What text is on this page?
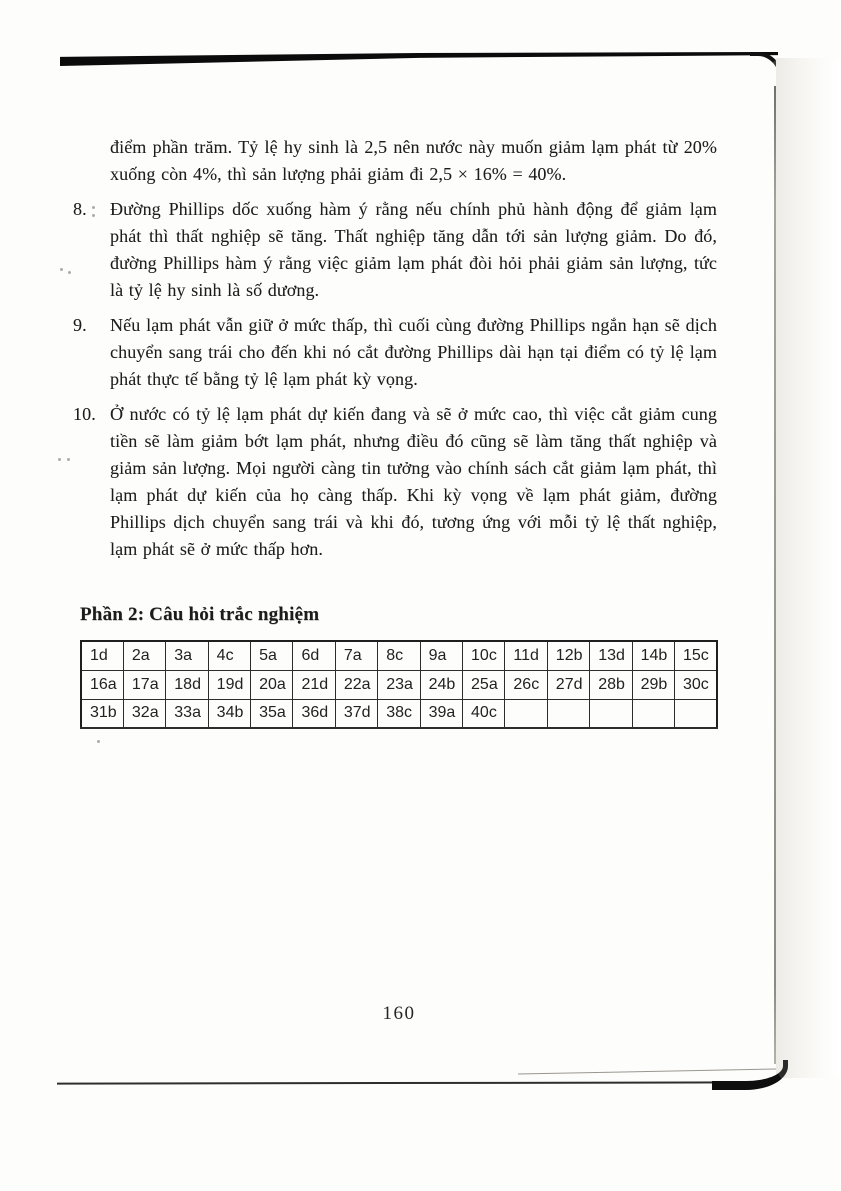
điểm phần trăm. Tỷ lệ hy sinh là 2,5 nên nước này muốn giảm lạm phát từ 20% xuống còn 4%, thì sản lượng phải giảm đi 2,5 × 16% = 40%.
8.	Đường Phillips dốc xuống hàm ý rằng nếu chính phủ hành động để giảm lạm phát thì thất nghiệp sẽ tăng. Thất nghiệp tăng dẫn tới sản lượng giảm. Do đó, đường Phillips hàm ý rằng việc giảm lạm phát đòi hỏi phải giảm sản lượng, tức là tỷ lệ hy sinh là số dương.
9.	Nếu lạm phát vẫn giữ ở mức thấp, thì cuối cùng đường Phillips ngắn hạn sẽ dịch chuyển sang trái cho đến khi nó cắt đường Phillips dài hạn tại điểm có tỷ lệ lạm phát thực tế bằng tỷ lệ lạm phát kỳ vọng.
10. Ở nước có tỷ lệ lạm phát dự kiến đang và sẽ ở mức cao, thì việc cắt giảm cung tiền sẽ làm giảm bớt lạm phát, nhưng điều đó cũng sẽ làm tăng thất nghiệp và giảm sản lượng. Mọi người càng tin tưởng vào chính sách cắt giảm lạm phát, thì lạm phát dự kiến của họ càng thấp. Khi kỳ vọng về lạm phát giảm, đường Phillips dịch chuyển sang trái và khi đó, tương ứng với mỗi tỷ lệ thất nghiệp, lạm phát sẽ ở mức thấp hơn.
Phần 2: Câu hỏi trắc nghiệm
1d	2a	3a	4c	5a	6d	7a	8c	9a	10c	11d	12b	13d	14b	15c
16a	17a	18d	19d	20a	21d	22a	23a	24b	25a	26c	27d	28b	29b	30c
31b	32a	33a	34b	35a	36d	37d	38c	39a	40c					
160
